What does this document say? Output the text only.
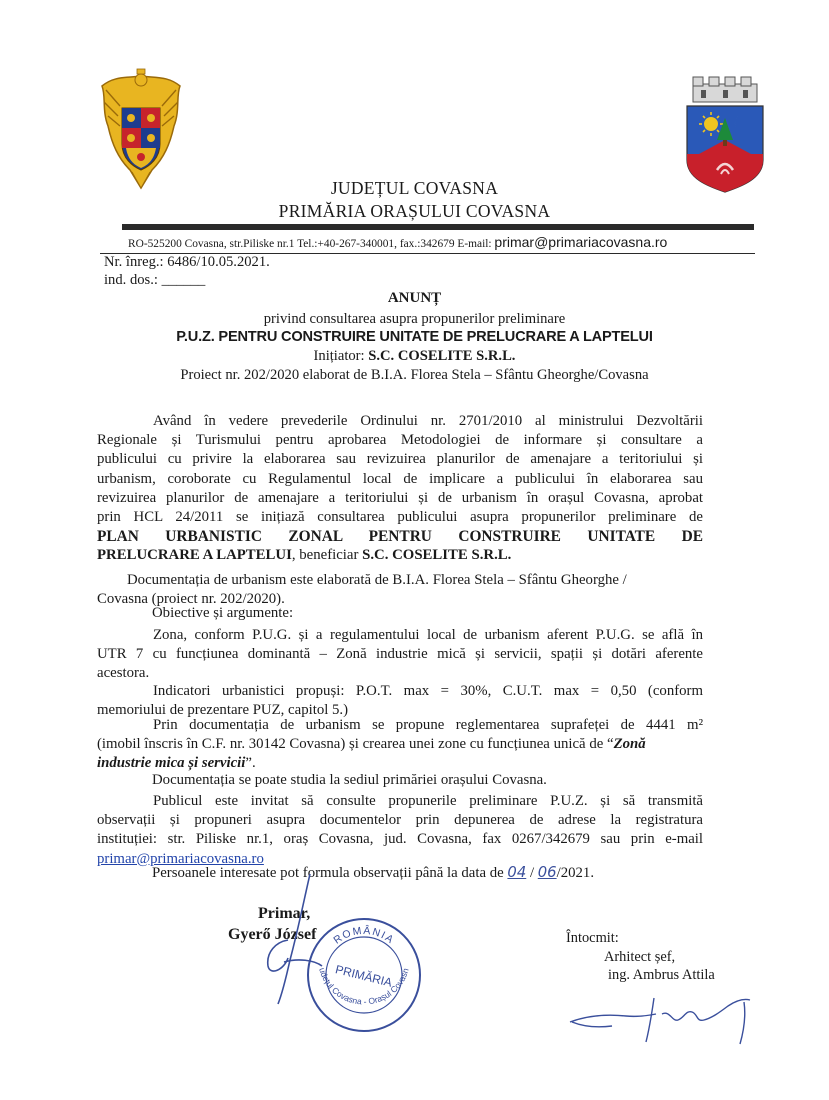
JUDEȚUL COVASNA
PRIMĂRIA ORAȘULUI COVASNA
RO-525200 Covasna, str.Piliske nr.1 Tel.:+40-267-340001, fax.:342679 E-mail: primar@primariacovasna.ro
Nr. înreg.: 6486/10.05.2021.
ind. dos.: ______
ANUNȚ
privind consultarea asupra propunerilor preliminare
P.U.Z. PENTRU CONSTRUIRE UNITATE DE PRELUCRARE A LAPTELUI
Inițiator: S.C. COSELITE S.R.L.
Proiect nr. 202/2020 elaborat de B.I.A. Florea Stela – Sfântu Gheorghe/Covasna
Având în vedere prevederile Ordinului nr. 2701/2010 al ministrului Dezvoltării
Regionale și Turismului pentru aprobarea Metodologiei de informare și consultare a
publicului cu privire la elaborarea sau revizuirea planurilor de amenajare a teritoriului și
urbanism, coroborate cu Regulamentul local de implicare a publicului în elaborarea sau
revizuirea planurilor de amenajare a teritoriului și de urbanism în orașul Covasna, aprobat
prin HCL 24/2011 se inițiază consultarea publicului asupra propunerilor preliminare de
PLAN URBANISTIC ZONAL PENTRU CONSTRUIRE UNITATE DE
PRELUCRARE A LAPTELUI, beneficiar S.C. COSELITE S.R.L.
Documentația de urbanism este elaborată de B.I.A. Florea Stela – Sfântu Gheorghe /
Covasna (proiect nr. 202/2020).
Obiective și argumente:
Zona, conform P.U.G. și a regulamentului local de urbanism aferent P.U.G. se află în
UTR 7 cu funcțiunea dominantă – Zonă industrie mică și servicii, spații și dotări aferente
acestora.
Indicatori urbanistici propuși: P.O.T. max = 30%, C.U.T. max = 0,50 (conform
memoriului de prezentare PUZ, capitol 5.)
Prin documentația de urbanism se propune reglementarea suprafeței de 4441 m²
(imobil înscris în C.F. nr. 30142 Covasna) și crearea unei zone cu funcțiunea unică de “Zonă
industrie mica și servicii”.
Documentația se poate studia la sediul primăriei orașului Covasna.
Publicul este invitat să consulte propunerile preliminare P.U.Z. și să transmită
observații și propuneri asupra documentelor prin depunerea de adrese la registratura
instituției: str. Piliske nr.1, oraș Covasna, jud. Covasna, fax 0267/342679 sau prin e-mail
primar@primariacovasna.ro
Persoanele interesate pot formula observații până la data de 04 / 06/2021.
Primar,
Gyerő József ROMÂNIA
udețul Covasna - Orașul Covasn
PRIMĂRIA
Întocmit:
Arhitect șef,
ing. Ambrus Attila
